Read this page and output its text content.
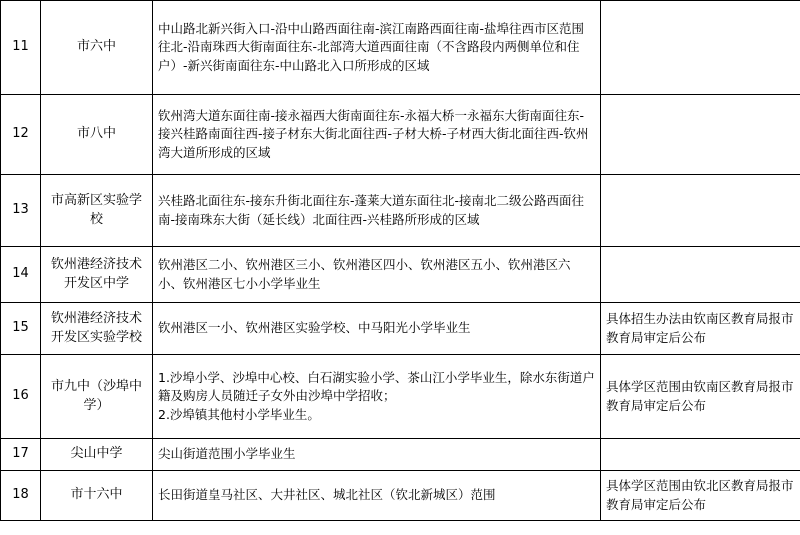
11	市六中	中山路北新兴街入口-沿中山路西面往南-滨江南路西面往南-盐埠往西市区范围往北-沿南珠西大街南面往东-北部湾大道西面往南（不含路段内两侧单位和住户）-新兴街南面往东-中山路北入口所形成的区域	
12	市八中	钦州湾大道东面往南-接永福西大街南面往东-永福大桥一永福东大街南面往东-接兴桂路南面往西-接子材东大街北面往西-子材大桥-子材西大街北面往西-钦州湾大道所形成的区域	
13	市高新区实验学校	兴桂路北面往东-接东升街北面往东-蓬莱大道东面往北-接南北二级公路西面往南-接南珠东大街（延长线）北面往西-兴桂路所形成的区域	
14	钦州港经济技术开发区中学	钦州港区二小、钦州港区三小、钦州港区四小、钦州港区五小、钦州港区六小、钦州港区七小小学毕业生	
15	钦州港经济技术开发区实验学校	钦州港区一小、钦州港区实验学校、中马阳光小学毕业生	具体招生办法由钦南区教育局报市教育局审定后公布
16	市九中（沙埠中学）	1.沙埠小学、沙埠中心校、白石湖实验小学、茶山江小学毕业生，除水东街道户籍及购房人员随迁子女外由沙埠中学招收；
2.沙埠镇其他村小学毕业生。	具体学区范围由钦南区教育局报市教育局审定后公布
17	尖山中学	尖山街道范围小学毕业生	
18	市十六中	长田街道皇马社区、大井社区、城北社区（钦北新城区）范围	具体学区范围由钦北区教育局报市教育局审定后公布
